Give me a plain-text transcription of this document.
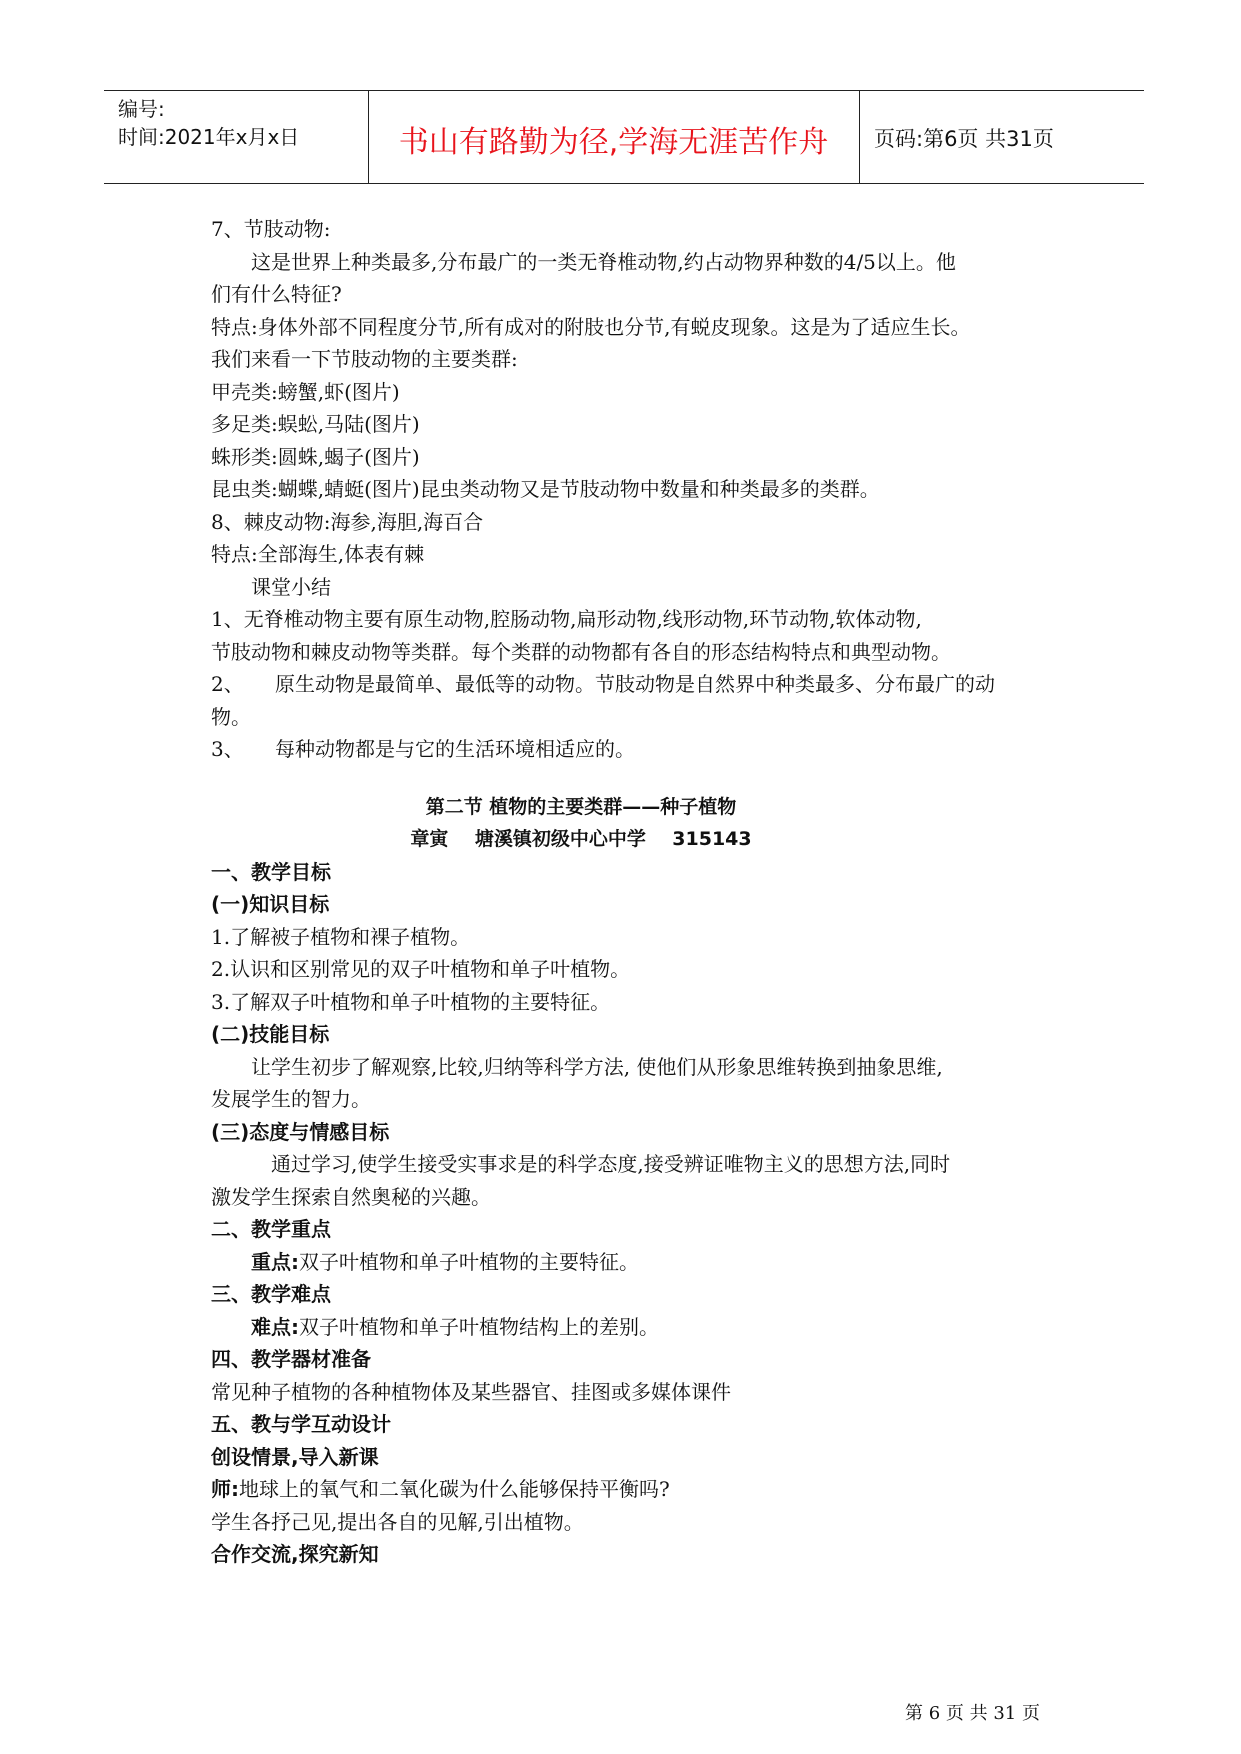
编号:
时间:2021年x月x日	书山有路勤为径,学海无涯苦作舟	页码:第6页 共31页
7、节肢动物:
这是世界上种类最多,分布最广的一类无脊椎动物,约占动物界种数的4/5以上。他
们有什么特征?
特点:身体外部不同程度分节,所有成对的附肢也分节,有蜕皮现象。这是为了适应生长。
我们来看一下节肢动物的主要类群:
甲壳类:螃蟹,虾(图片)
多足类:蜈蚣,马陆(图片)
蛛形类:圆蛛,蝎子(图片)
昆虫类:蝴蝶,蜻蜓(图片)昆虫类动物又是节肢动物中数量和种类最多的类群。
8、棘皮动物:海参,海胆,海百合
特点:全部海生,体表有棘
课堂小结
1、无脊椎动物主要有原生动物,腔肠动物,扁形动物,线形动物,环节动物,软体动物,
节肢动物和棘皮动物等类群。每个类群的动物都有各自的形态结构特点和典型动物。
2、 原生动物是最简单、最低等的动物。节肢动物是自然界中种类最多、分布最广的动
物。
3、 每种动物都是与它的生活环境相适应的。
第二节 植物的主要类群——种子植物
章寅    塘溪镇初级中心中学    315143
一、教学目标
(一)知识目标
1.了解被子植物和裸子植物。
2.认识和区别常见的双子叶植物和单子叶植物。
3.了解双子叶植物和单子叶植物的主要特征。
(二)技能目标
让学生初步了解观察,比较,归纳等科学方法, 使他们从形象思维转换到抽象思维,
发展学生的智力。
(三)态度与情感目标
通过学习,使学生接受实事求是的科学态度,接受辨证唯物主义的思想方法,同时
激发学生探索自然奥秘的兴趣。
二、教学重点
重点:双子叶植物和单子叶植物的主要特征。
三、教学难点
难点:双子叶植物和单子叶植物结构上的差别。
四、教学器材准备
常见种子植物的各种植物体及某些器官、挂图或多媒体课件
五、教与学互动设计
创设情景,导入新课
师:地球上的氧气和二氧化碳为什么能够保持平衡吗?
学生各抒己见,提出各自的见解,引出植物。
合作交流,探究新知
第 6 页 共 31 页
